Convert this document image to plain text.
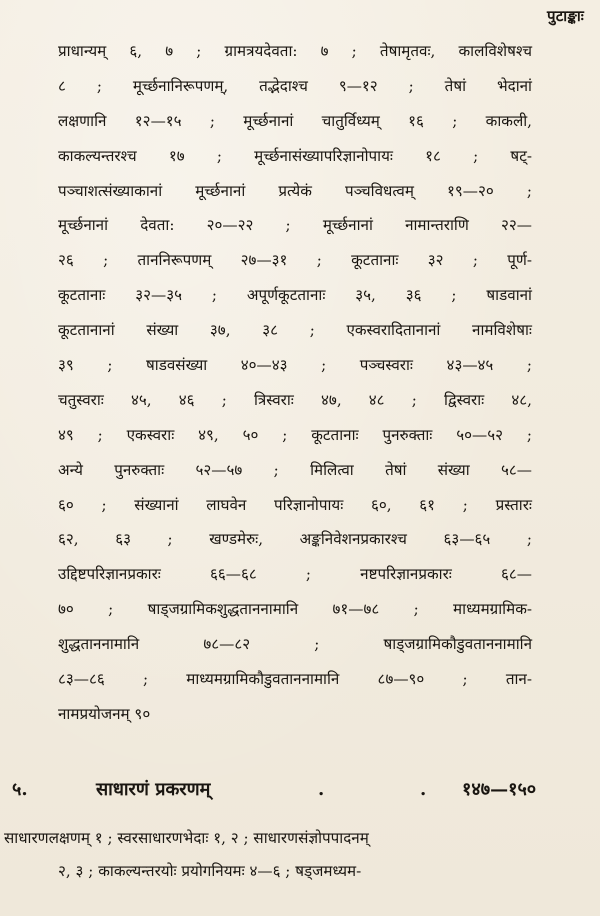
पुटाङ्काः
प्राधान्यम् ६, ७ ; ग्रामत्रयदेवता: ७ ; तेषामृतवः, कालविशेषश्च
८ ; मूर्च्छनानिरूपणम्, तद्भेदाश्च ९—१२ ; तेषां भेदानां
लक्षणानि १२—१५ ; मूर्च्छनानां चातुर्विध्यम् १६ ; काकली,
काकल्यन्तरश्च १७ ; मूर्च्छनासंख्यापरिज्ञानोपायः १८ ; षट्-
पञ्चाशत्संख्याकानां मूर्च्छनानां प्रत्येकं पञ्चविधत्वम् १९—२० ;
मूर्च्छनानां देवता: २०—२२ ; मूर्च्छनानां नामान्तराणि २२—
२६ ; ताननिरूपणम् २७—३१ ; कूटतानाः ३२ ; पूर्ण-
कूटतानाः ३२—३५ ; अपूर्णकूटतानाः ३५, ३६ ; षाडवानां
कूटतानानां संख्या ३७, ३८ ; एकस्वरादितानानां नामविशेषाः
३९ ; षाडवसंख्या ४०—४३ ; पञ्चस्वराः ४३—४५ ;
चतुस्वराः ४५, ४६ ; त्रिस्वराः ४७, ४८ ; द्विस्वराः ४८,
४९ ; एकस्वराः ४९, ५० ; कूटतानाः पुनरुक्ताः ५०—५२ ;
अन्ये पुनरुक्ताः ५२—५७ ; मिलित्वा तेषां संख्या ५८—
६० ; संख्यानां लाघवेन परिज्ञानोपायः ६०, ६१ ; प्रस्तारः
६२, ६३ ; खण्डमेरुः, अङ्कनिवेशनप्रकारश्च ६३—६५ ;
उद्दिष्टपरिज्ञानप्रकारः ६६—६८ ; नष्टपरिज्ञानप्रकारः ६८—
७० ; षाड्जग्रामिकशुद्धताननामानि ७१—७८ ; माध्यमग्रामिक-
शुद्धताननामानि ७८—८२ ; षाड्जग्रामिकौडुवताननामानि
८३—८६ ; माध्यमग्रामिकौडुवताननामानि ८७—९० ; तान-
नामप्रयोजनम् ९०
५.	साधारणं प्रकरणम्	.	. १४७—१५०
साधारणलक्षणम् १ ; स्वरसाधारणभेदाः १, २ ; साधारणसंज्ञोपपादनम्
२, ३ ; काकल्यन्तरयोः प्रयोगनियमः ४—६ ; षड्जमध्यम-
